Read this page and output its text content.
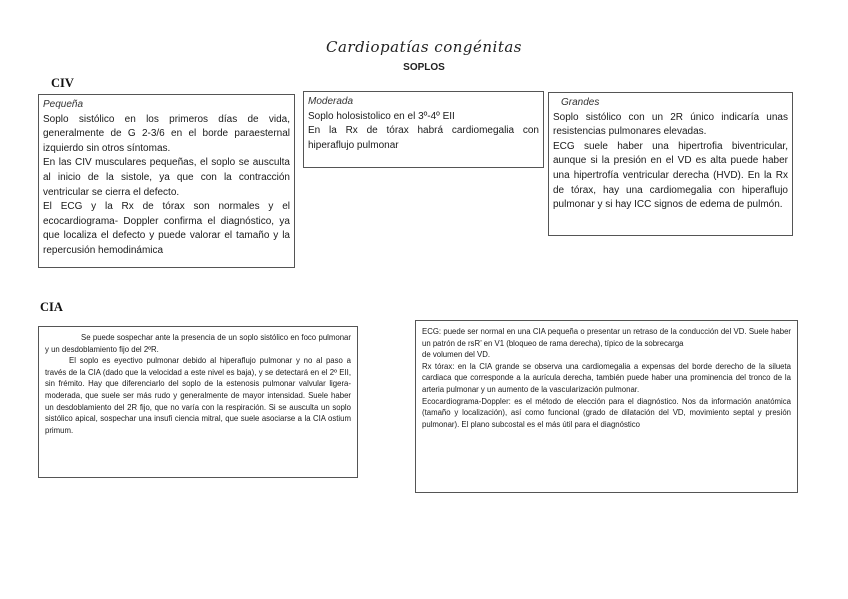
Cardiopatías congénitas
SOPLOS
CIV
Pequeña

Soplo sistólico en los primeros días de vida, generalmente de G 2-3/6 en el borde paraesternal izquierdo sin otros síntomas.

En las CIV musculares pequeñas, el soplo se ausculta al inicio de la sistole, ya que con la contracción ventricular se cierra el defecto.

El ECG y la Rx de tórax son normales y el ecocardiograma- Doppler confirma el diagnóstico, ya que localiza el defecto y puede valorar el tamaño y la repercusión hemodinámica

Moderada

Soplo holosistolico en el 3º-4º EII

En la Rx de tórax habrá cardiomegalia con hiperaflujo pulmonar

Grandes

Soplo sistólico con un 2R único indicaría unas resistencias pulmonares elevadas.

ECG suele haber una hipertrofia biventricular, aunque si la presión en el VD es alta puede haber una hipertrofía ventricular derecha (HVD). En la Rx de tórax, hay una cardiomegalia con hiperaflujo pulmonar y si hay ICC signos de edema de pulmón.

CIA

Se puede sospechar ante la presencia de un soplo sistólico en foco pulmonar y un desdoblamiento fijo del 2ºR.

El soplo es eyectivo pulmonar debido al hiperaflujo pulmonar y no al paso a través de la CIA (dado que la velocidad a este nivel es baja), y se detectará en el 2º EII, sin frémito. Hay que diferenciarlo del soplo de la estenosis pulmonar valvular ligera-moderada, que suele ser más rudo y generalmente de mayor intensidad. Suele haber un desdoblamiento del 2R fijo, que no varía con la respiración. Si se ausculta un soplo sistólico apical, sospechar una insufi ciencia mitral, que suele asociarse a la CIA ostium primum.

ECG: puede ser normal en una CIA pequeña o presentar un retraso de la conducción del VD. Suele haber un patrón de rsR’ en V1 (bloqueo de rama derecha), típico de la sobrecarga

de volumen del VD.

Rx tórax: en la CIA grande se observa una cardiomegalia a expensas del borde derecho de la silueta cardiaca que corresponde a la aurícula derecha, también puede haber una prominencia del tronco de la arteria pulmonar y un aumento de la vascularización pulmonar.

Ecocardiograma-Doppler: es el método de elección para el diagnóstico. Nos da información anatómica (tamaño y localización), así como funcional (grado de dilatación del VD, movimiento septal y presión pulmonar). El plano subcostal es el más útil para el diagnóstico
